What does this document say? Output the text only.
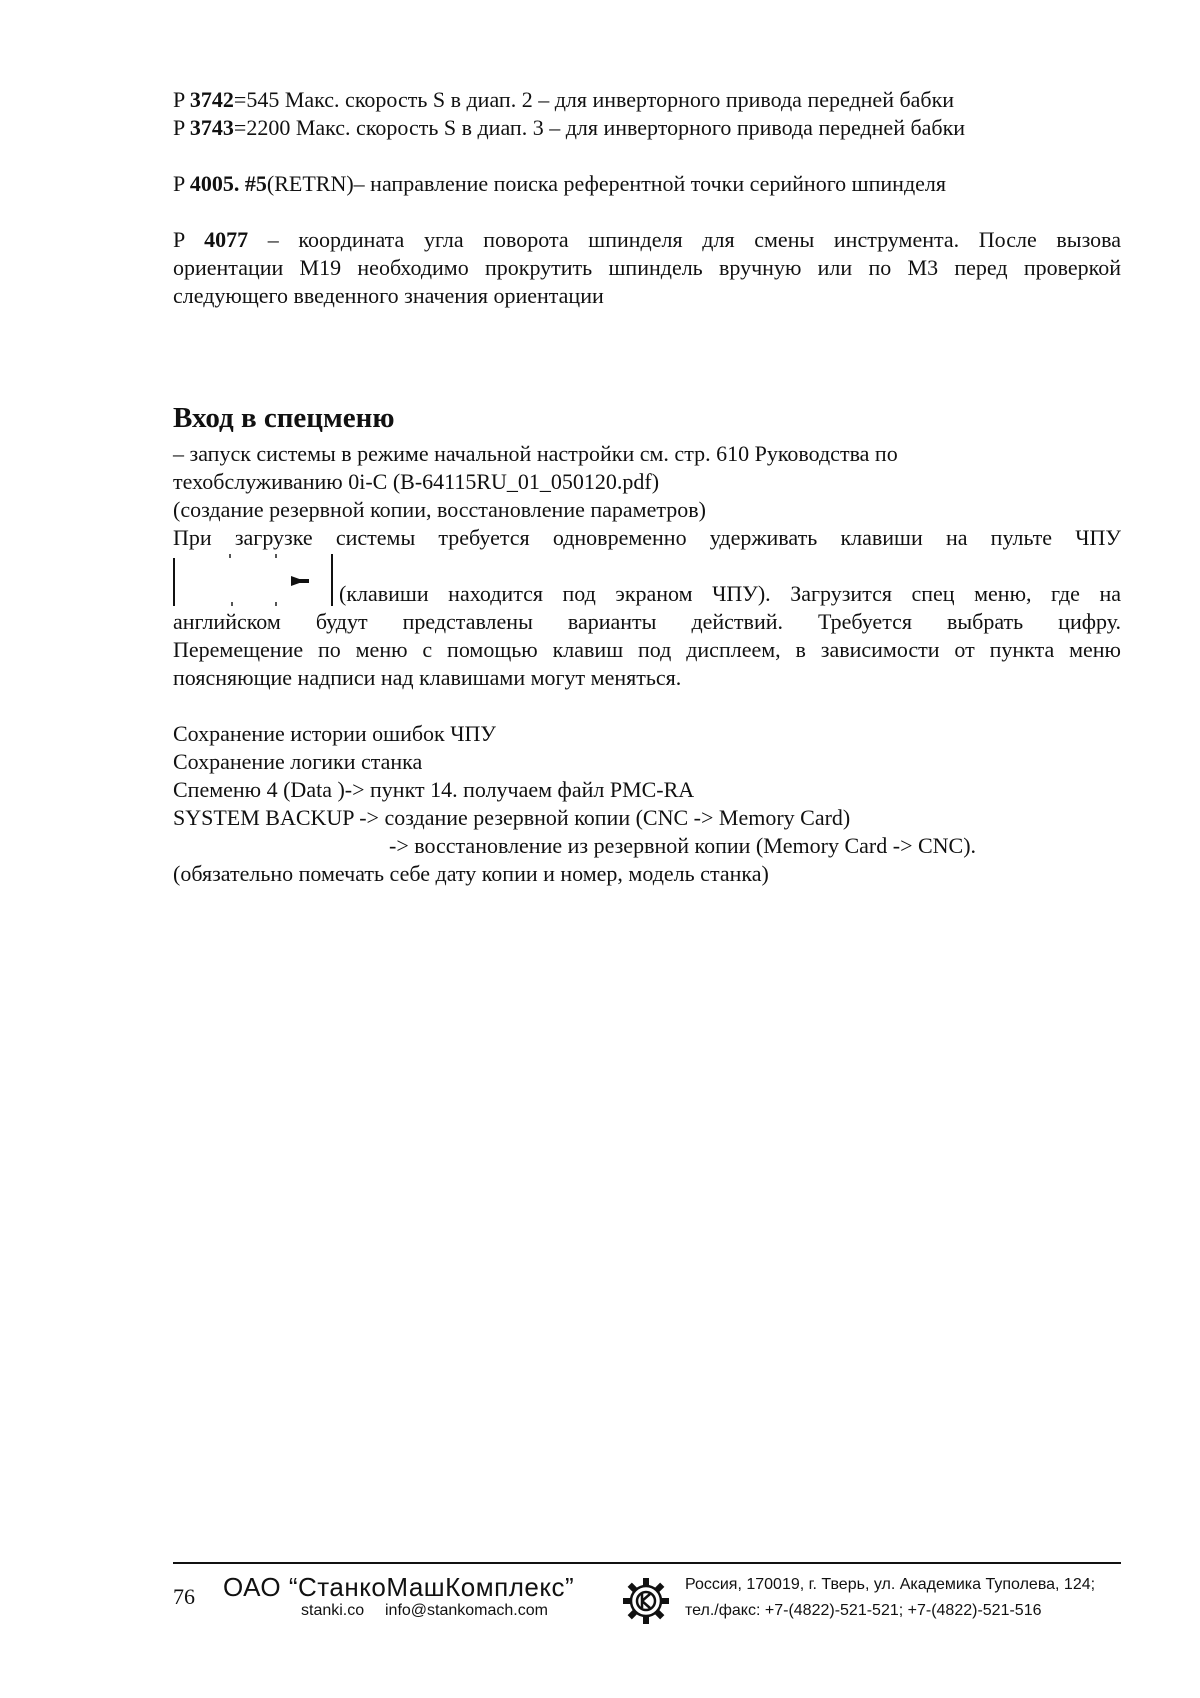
P 3742=545 Макс. скорость S в диап. 2 – для инверторного привода передней бабки
P 3743=2200 Макс. скорость S в диап. 3 – для инверторного привода передней бабки
P 4005. #5(RETRN)– направление поиска референтной точки серийного шпинделя
P 4077 – координата угла поворота шпинделя для смены инструмента. После вызова
ориентации М19 необходимо прокрутить шпиндель вручную или по М3 перед проверкой
следующего введенного значения ориентации
Вход в спецменю
– запуск системы в режиме начальной настройки см. стр. 610 Руководства по
техобслуживанию 0i-C (B-64115RU_01_050120.pdf)
(создание резервной копии, восстановление параметров)
При загрузке системы требуется одновременно удерживать клавиши на пульте ЧПУ
(клавиши находится под экраном ЧПУ). Загрузится спец меню, где на
английском будут представлены варианты действий. Требуется выбрать цифру.
Перемещение по меню с помощью клавиш под дисплеем, в зависимости от пункта меню
поясняющие надписи над клавишами могут меняться.
Сохранение истории ошибок ЧПУ
Сохранение логики станка
Спеменю 4 (Data )-> пункт 14. получаем файл PMC-RA
SYSTEM BACKUP -> создание резервной копии (CNC -> Memory Card)
-> восстановление из резервной копии (Memory Card -> CNC).
(обязательно помечать себе дату копии и номер, модель станка)
76 ОАО “СтанкоМашКомплекс”
stanki.co info@stankomach.com
Россия, 170019, г. Тверь, ул. Академика Туполева, 124;
тел./факс: +7-(4822)-521-521; +7-(4822)-521-516
